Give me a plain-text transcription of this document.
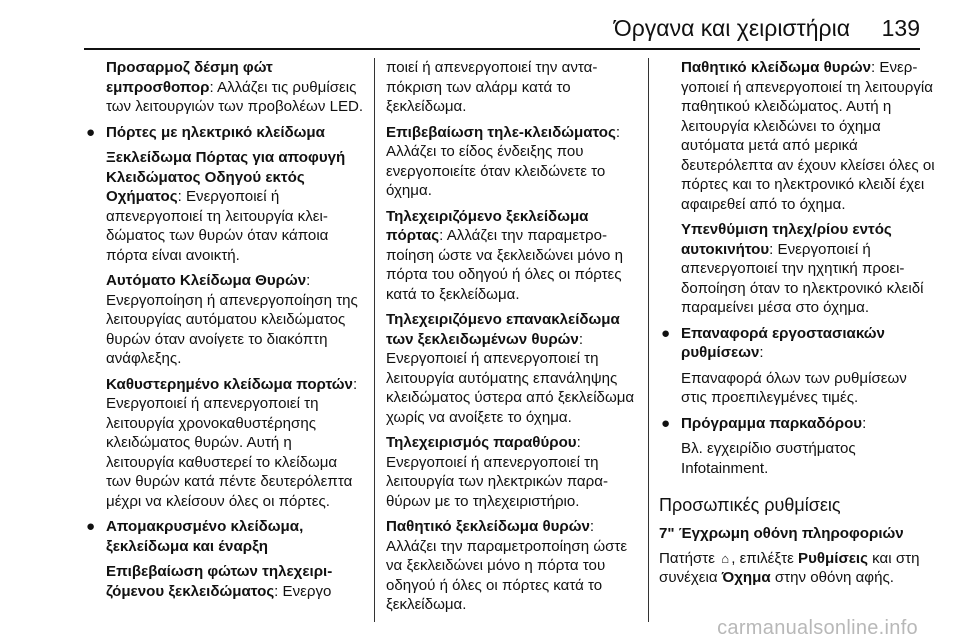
Όργανα και χειριστήρια 139

Προσαρμοζ δέσμη φώτ
εμπροσθοπορ: Αλλάζει τις ρυθμίσεις των λειτουργιών των προβολέων LED.

● Πόρτες με ηλεκτρικό κλείδωμα

Ξεκλείδωμα Πόρτας για αποφυγή Κλειδώματος Οδηγού εκτός Οχήματος: Ενεργοποιεί ή απενεργοποιεί τη λειτουργία κλειδώματος των θυρών όταν κάποια πόρτα είναι ανοικτή.

Αυτόματο Κλείδωμα Θυρών: Ενεργοποίηση ή απενεργοποίηση της λειτουργίας αυτόματου κλειδώματος θυρών όταν ανοίγετε το διακόπτη ανάφλεξης.

Καθυστερημένο κλείδωμα πορτών: Ενεργοποιεί ή απενεργοποιεί τη λειτουργία χρονοκαθυστέρησης κλειδώματος θυρών. Αυτή η λειτουργία καθυστερεί το κλείδωμα των θυρών κατά πέντε δευτερόλεπτα μέχρι να κλείσουν όλες οι πόρτες.

● Απομακρυσμένο κλείδωμα, ξεκλείδωμα και έναρξη

Επιβεβαίωση φώτων τηλεχειριζόμενου ξεκλειδώματος: Ενεργο

ποιεί ή απενεργοποιεί την ανταπόκριση των αλάρμ κατά το ξεκλείδωμα.

Επιβεβαίωση τηλε-κλειδώματος: Αλλάζει το είδος ένδειξης που ενεργοποιείτε όταν κλειδώνετε το όχημα.

Τηλεχειριζόμενο ξεκλείδωμα πόρτας: Αλλάζει την παραμετροποίηση ώστε να ξεκλειδώνει μόνο η πόρτα του οδηγού ή όλες οι πόρτες κατά το ξεκλείδωμα.

Τηλεχειριζόμενο επανακλείδωμα των ξεκλειδωμένων θυρών: Ενεργοποιεί ή απενεργοποιεί τη λειτουργία αυτόματης επανάληψης κλειδώματος ύστερα από ξεκλείδωμα χωρίς να ανοίξετε το όχημα.

Τηλεχειρισμός παραθύρου: Ενεργοποιεί ή απενεργοποιεί τη λειτουργία των ηλεκτρικών παραθύρων με το τηλεχειριστήριο.

Παθητικό ξεκλείδωμα θυρών: Αλλάζει την παραμετροποίηση ώστε να ξεκλειδώνει μόνο η πόρτα του οδηγού ή όλες οι πόρτες κατά το ξεκλείδωμα.

Παθητικό κλείδωμα θυρών: Ενεργοποιεί ή απενεργοποιεί τη λειτουργία παθητικού κλειδώματος. Αυτή η λειτουργία κλειδώνει το όχημα αυτόματα μετά από μερικά δευτερόλεπτα αν έχουν κλείσει όλες οι πόρτες και το ηλεκτρονικό κλειδί έχει αφαιρεθεί από το όχημα.

Υπενθύμιση τηλεχ/ρίου εντός αυτοκινήτου: Ενεργοποιεί ή απενεργοποιεί την ηχητική προειδοποίηση όταν το ηλεκτρονικό κλειδί παραμείνει μέσα στο όχημα.

● Επαναφορά εργοστασιακών ρυθμίσεων:

Επαναφορά όλων των ρυθμίσεων στις προεπιλεγμένες τιμές.

● Πρόγραμμα παρκαδόρου:

Βλ. εγχειρίδιο συστήματος Infotainment.

Προσωπικές ρυθμίσεις
7" Έγχρωμη οθόνη πληροφοριών

Πατήστε ⌂ , επιλέξτε Ρυθμίσεις και στη συνέχεια Όχημα στην οθόνη αφής.

carmanualsonline.info
